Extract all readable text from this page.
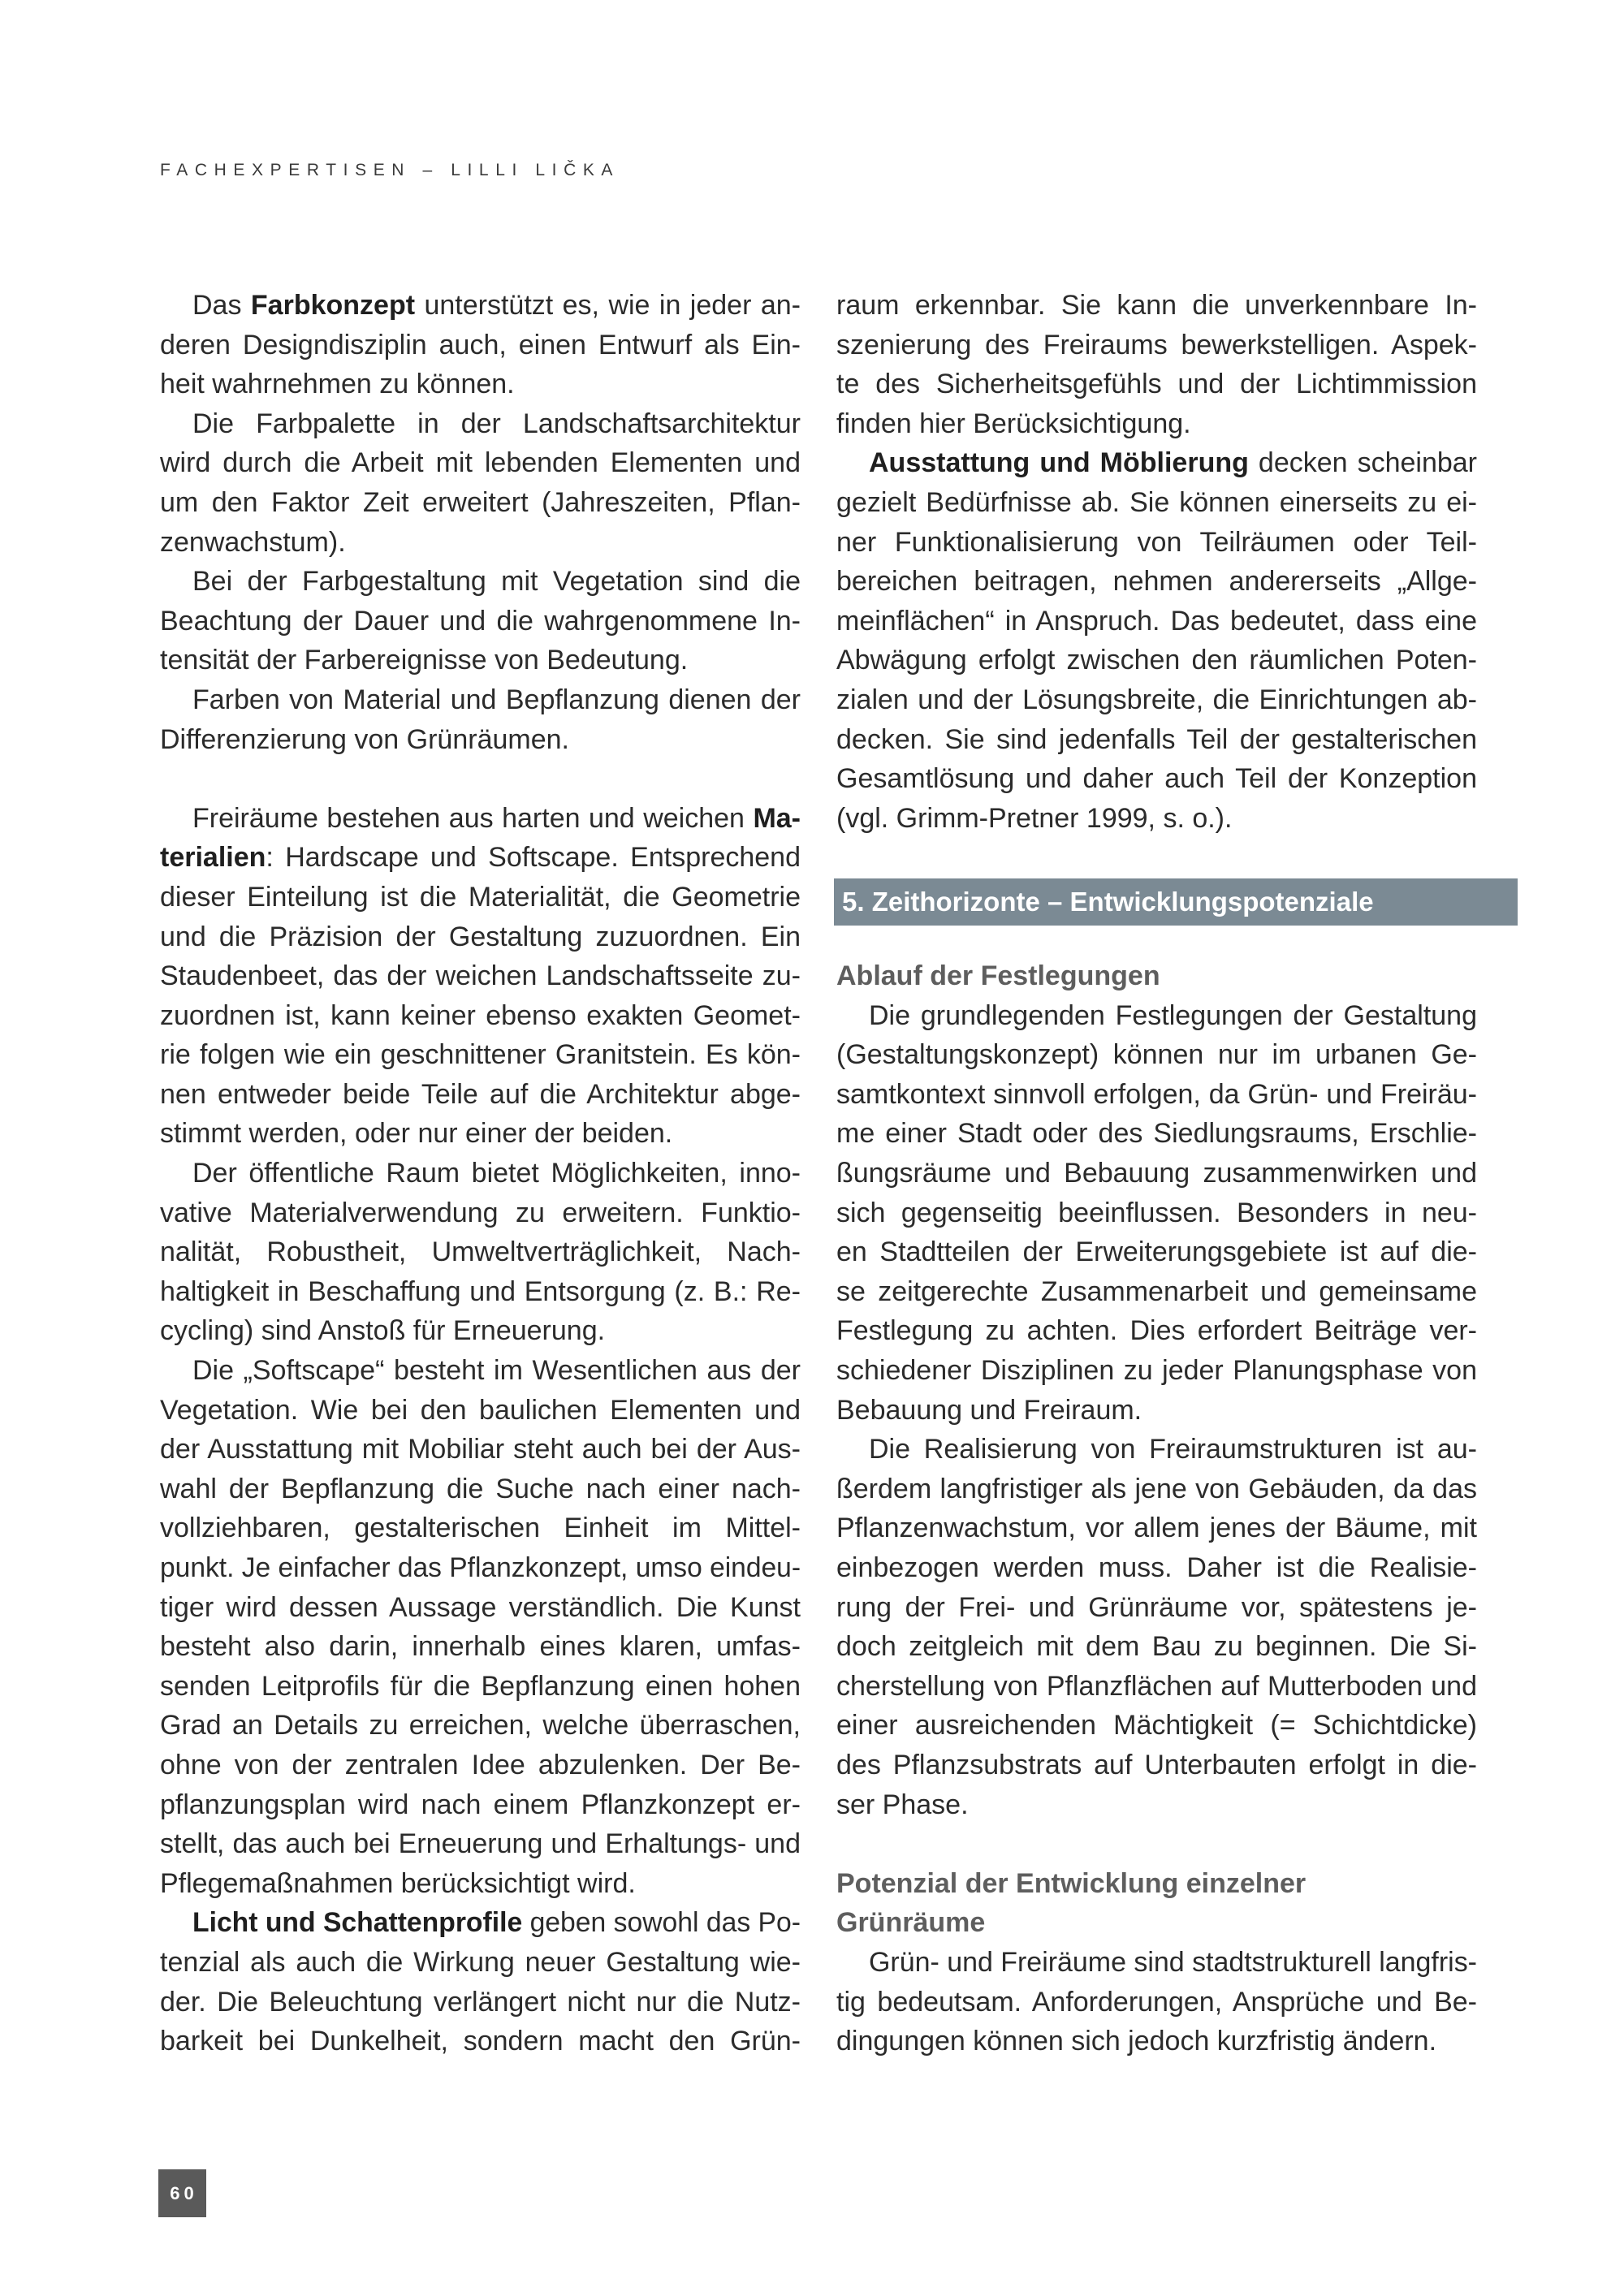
FACHEXPERTISEN – LILLI LIČKA
Das Farbkonzept unterstützt es, wie in jeder an-
deren Designdisziplin auch, einen Entwurf als Ein-
heit wahrnehmen zu können.
Die Farbpalette in der Landschaftsarchitektur
wird durch die Arbeit mit lebenden Elementen und
um den Faktor Zeit erweitert (Jahreszeiten, Pflan-
zenwachstum).
Bei der Farbgestaltung mit Vegetation sind die
Beachtung der Dauer und die wahrgenommene In-
tensität der Farbereignisse von Bedeutung.
Farben von Material und Bepflanzung dienen der
Differenzierung von Grünräumen.
Freiräume bestehen aus harten und weichen Ma-
terialien: Hardscape und Softscape. Entsprechend
dieser Einteilung ist die Materialität, die Geometrie
und die Präzision der Gestaltung zuzuordnen. Ein
Staudenbeet, das der weichen Landschaftsseite zu-
zuordnen ist, kann keiner ebenso exakten Geomet-
rie folgen wie ein geschnittener Granitstein. Es kön-
nen entweder beide Teile auf die Architektur abge-
stimmt werden, oder nur einer der beiden.
Der öffentliche Raum bietet Möglichkeiten, inno-
vative Materialverwendung zu erweitern. Funktio-
nalität, Robustheit, Umweltverträglichkeit, Nach-
haltigkeit in Beschaffung und Entsorgung (z. B.: Re-
cycling) sind Anstoß für Erneuerung.
Die „Softscape“ besteht im Wesentlichen aus der
Vegetation. Wie bei den baulichen Elementen und
der Ausstattung mit Mobiliar steht auch bei der Aus-
wahl der Bepflanzung die Suche nach einer nach-
vollziehbaren, gestalterischen Einheit im Mittel-
punkt. Je einfacher das Pflanzkonzept, umso eindeu-
tiger wird dessen Aussage verständlich. Die Kunst
besteht also darin, innerhalb eines klaren, umfas-
senden Leitprofils für die Bepflanzung einen hohen
Grad an Details zu erreichen, welche überraschen,
ohne von der zentralen Idee abzulenken. Der Be-
pflanzungsplan wird nach einem Pflanzkonzept er-
stellt, das auch bei Erneuerung und Erhaltungs- und
Pflegemaßnahmen berücksichtigt wird.
Licht und Schattenprofile geben sowohl das Po-
tenzial als auch die Wirkung neuer Gestaltung wie-
der. Die Beleuchtung verlängert nicht nur die Nutz-
barkeit bei Dunkelheit, sondern macht den Grün-
raum erkennbar. Sie kann die unverkennbare In-
szenierung des Freiraums bewerkstelligen. Aspek-
te des Sicherheitsgefühls und der Lichtimmission
finden hier Berücksichtigung.
Ausstattung und Möblierung decken scheinbar
gezielt Bedürfnisse ab. Sie können einerseits zu ei-
ner Funktionalisierung von Teilräumen oder Teil-
bereichen beitragen, nehmen andererseits „Allge-
meinflächen“ in Anspruch. Das bedeutet, dass eine
Abwägung erfolgt zwischen den räumlichen Poten-
zialen und der Lösungsbreite, die Einrichtungen ab-
decken. Sie sind jedenfalls Teil der gestalterischen
Gesamtlösung und daher auch Teil der Konzeption
(vgl. Grimm-Pretner 1999, s. o.).
5. Zeithorizonte – Entwicklungspotenziale
Ablauf der Festlegungen
Die grundlegenden Festlegungen der Gestaltung
(Gestaltungskonzept) können nur im urbanen Ge-
samtkontext sinnvoll erfolgen, da Grün- und Freiräu-
me einer Stadt oder des Siedlungsraums, Erschlie-
ßungsräume und Bebauung zusammenwirken und
sich gegenseitig beeinflussen. Besonders in neu-
en Stadtteilen der Erweiterungsgebiete ist auf die-
se zeitgerechte Zusammenarbeit und gemeinsame
Festlegung zu achten. Dies erfordert Beiträge ver-
schiedener Disziplinen zu jeder Planungsphase von
Bebauung und Freiraum.
Die Realisierung von Freiraumstrukturen ist au-
ßerdem langfristiger als jene von Gebäuden, da das
Pflanzenwachstum, vor allem jenes der Bäume, mit
einbezogen werden muss. Daher ist die Realisie-
rung der Frei- und Grünräume vor, spätestens je-
doch zeitgleich mit dem Bau zu beginnen. Die Si-
cherstellung von Pflanzflächen auf Mutterboden und
einer ausreichenden Mächtigkeit (= Schichtdicke)
des Pflanzsubstrats auf Unterbauten erfolgt in die-
ser Phase.
Potenzial der Entwicklung einzelner
Grünräume
Grün- und Freiräume sind stadtstrukturell langfris-
tig bedeutsam. Anforderungen, Ansprüche und Be-
dingungen können sich jedoch kurzfristig ändern.
60
